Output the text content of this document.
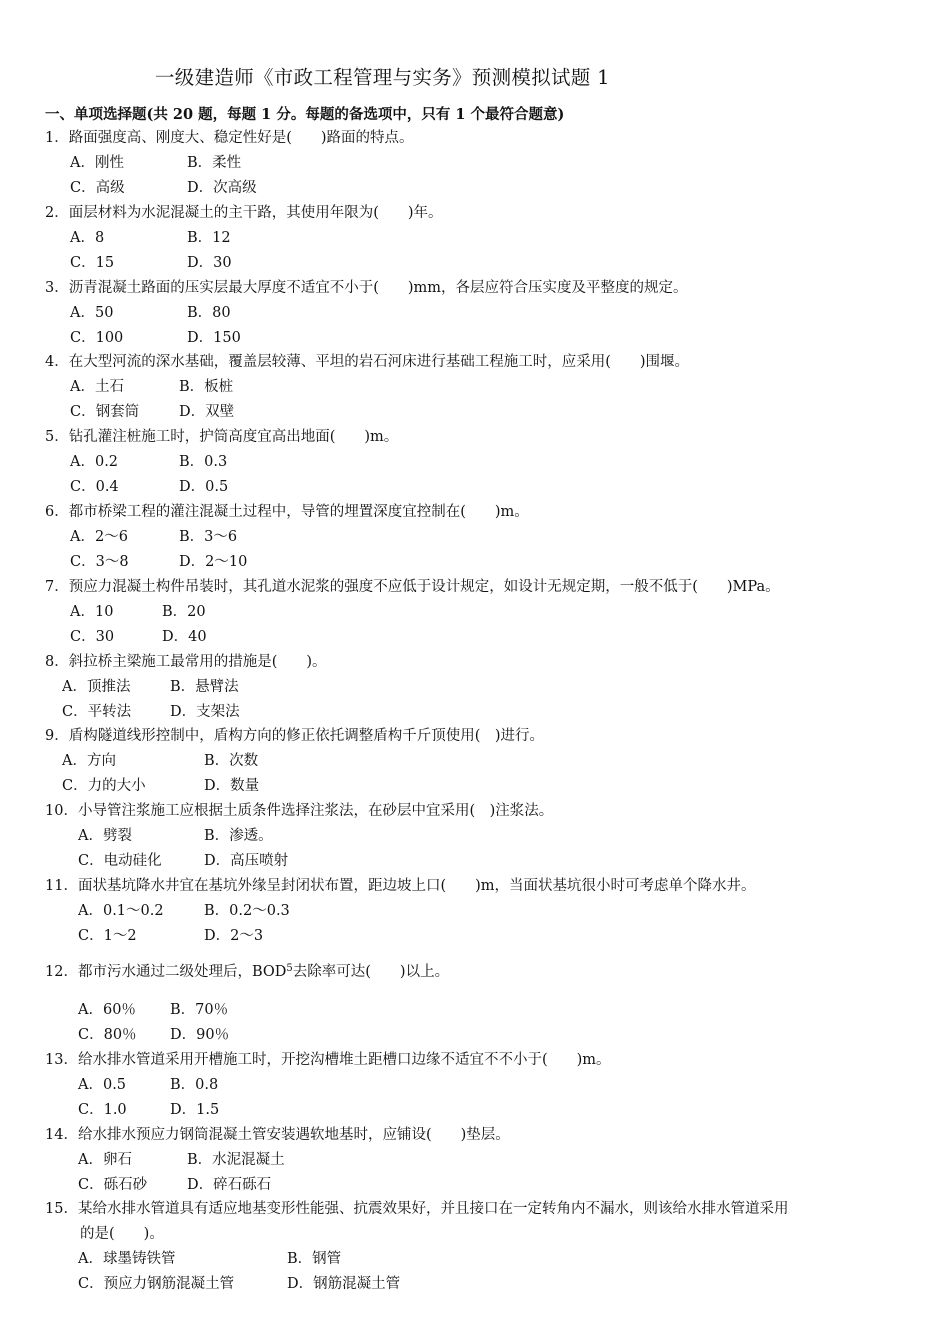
一级建造师《市政工程管理与实务》预测模拟试题 1
一、单项选择题(共 20 题，每题 1 分。每题的备选项中，只有 1 个最符合题意)
1．路面强度高、刚度大、稳定性好是(　　)路面的特点。
A．刚性	B．柔性
C．高级	D．次高级
2．面层材料为水泥混凝土的主干路，其使用年限为(　　)年。
A．8	B．12
C．15	D．30
3．沥青混凝土路面的压实层最大厚度不适宜不小于(　　)mm，各层应符合压实度及平整度的规定。
A．50	B．80
C．100	D．150
4．在大型河流的深水基础，覆盖层较薄、平坦的岩石河床进行基础工程施工时，应采用(　　)围堰。
A．土石	B．板桩
C．钢套筒	D．双壁
5．钻孔灌注桩施工时，护筒高度宜高出地面(　　)m。
A．0.2	B．0.3
C．0.4	D．0.5
6．都市桥梁工程的灌注混凝土过程中，导管的埋置深度宜控制在(　　)m。
A．2～6	B．3～6
C．3～8	D．2～10
7．预应力混凝土构件吊装时，其孔道水泥浆的强度不应低于设计规定，如设计无规定期，一般不低于(　　)MPa。
A．10	B．20
C．30	D．40
8．斜拉桥主梁施工最常用的措施是(　　)。
A．顶推法	B．悬臂法
C．平转法	D．支架法
9．盾构隧道线形控制中，盾构方向的修正依托调整盾构千斤顶使用(　)进行。
A．方向	B．次数
C．力的大小	D．数量
10．小导管注浆施工应根据土质条件选择注浆法，在砂层中宜采用(　)注浆法。
A．劈裂	B．渗透。
C．电动硅化	D．高压喷射
11．面状基坑降水井宜在基坑外缘呈封闭状布置，距边坡上口(　　)m，当面状基坑很小时可考虑单个降水井。
A．0.1～0.2	B．0.2～0.3
C．1～2	D．2～3
12．都市污水通过二级处理后，BOD$^5$去除率可达(　　)以上。
A．60％ B．70％
C．80％ D．90％
13．给水排水管道采用开槽施工时，开挖沟槽堆土距槽口边缘不适宜不不小于(　　)m。
A．0.5	B．0.8
C．1.0	D．1.5
14．给水排水预应力钢筒混凝土管安装遇软地基时，应铺设(　　)垫层。
A．卵石	B．水泥混凝土
C．砾石砂	D．碎石砾石
15．某给水排水管道具有适应地基变形性能强、抗震效果好，并且接口在一定转角内不漏水，则该给水排水管道采用
的是(　　)。
A．球墨铸铁管	B．钢管
C．预应力钢筋混凝土管	D．钢筋混凝土管
